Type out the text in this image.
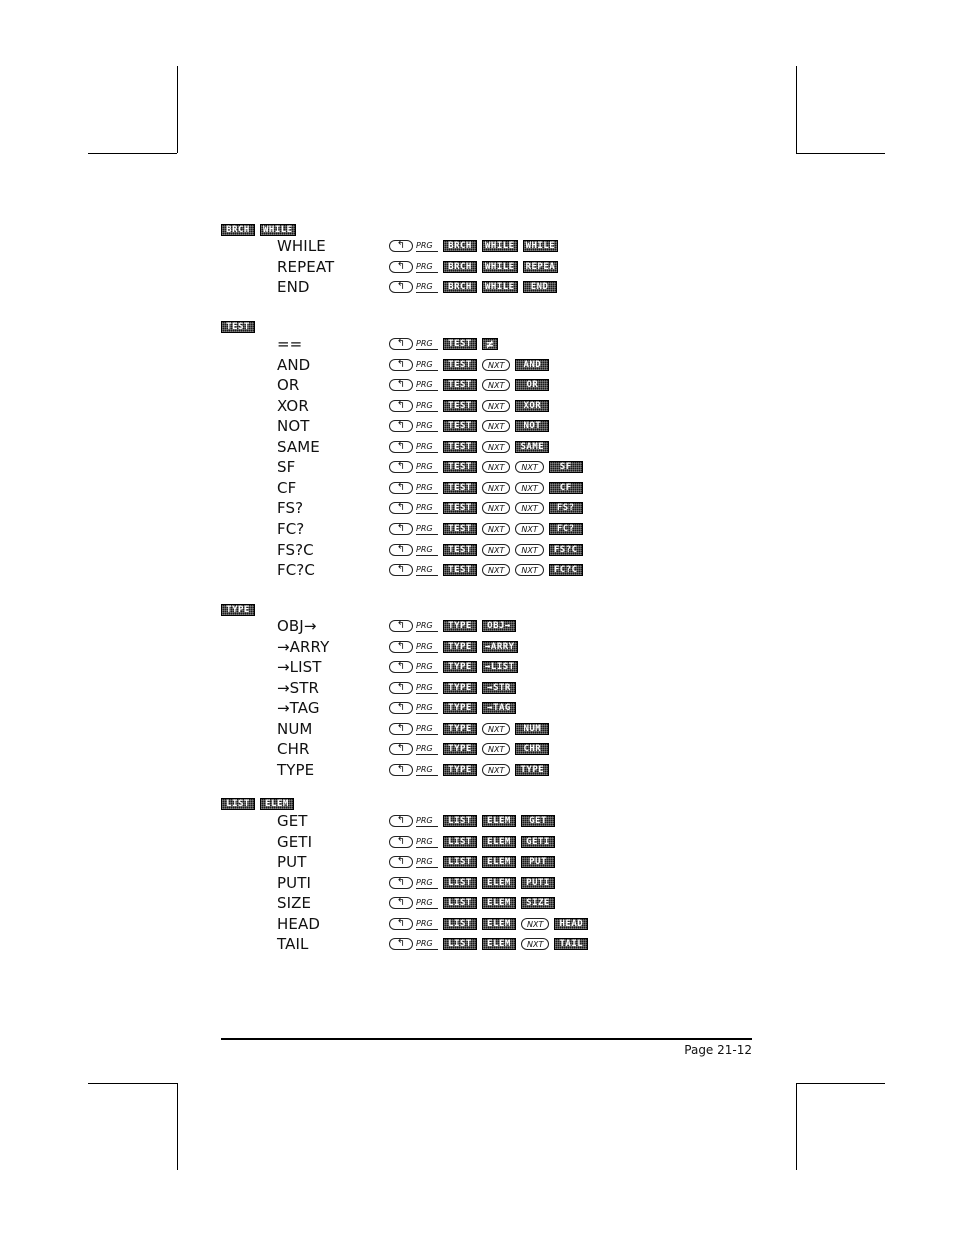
BRCH	WHILE
WHILE	↰	PRG	BRCH	WHILE	WHILE
REPEAT	↰	PRG	BRCH	WHILE	REPEA
END	↰	PRG	BRCH	WHILE	END
TEST
==	↰	PRG	TEST	≠
AND	↰	PRG	TEST	NXT	AND
OR	↰	PRG	TEST	NXT	OR
XOR	↰	PRG	TEST	NXT	XOR
NOT	↰	PRG	TEST	NXT	NOT
SAME	↰	PRG	TEST	NXT	SAME
SF	↰	PRG	TEST	NXT	NXT	SF
CF	↰	PRG	TEST	NXT	NXT	CF
FS?	↰	PRG	TEST	NXT	NXT	FS?
FC?	↰	PRG	TEST	NXT	NXT	FC?
FS?C	↰	PRG	TEST	NXT	NXT	FS?C
FC?C	↰	PRG	TEST	NXT	NXT	FC?C
TYPE
OBJ→	↰	PRG	TYPE	OBJ→
→ARRY	↰	PRG	TYPE	→ARRY
→LIST	↰	PRG	TYPE	→LIST
→STR	↰	PRG	TYPE	→STR
→TAG	↰	PRG	TYPE	→TAG
NUM	↰	PRG	TYPE	NXT	NUM
CHR	↰	PRG	TYPE	NXT	CHR
TYPE	↰	PRG	TYPE	NXT	TYPE
LIST	ELEM
GET	↰	PRG	LIST	ELEM	GET
GETI	↰	PRG	LIST	ELEM	GETI
PUT	↰	PRG	LIST	ELEM	PUT
PUTI	↰	PRG	LIST	ELEM	PUTI
SIZE	↰	PRG	LIST	ELEM	SIZE
HEAD	↰	PRG	LIST	ELEM	NXT	HEAD
TAIL	↰	PRG	LIST	ELEM	NXT	TAIL
Page 21-12
